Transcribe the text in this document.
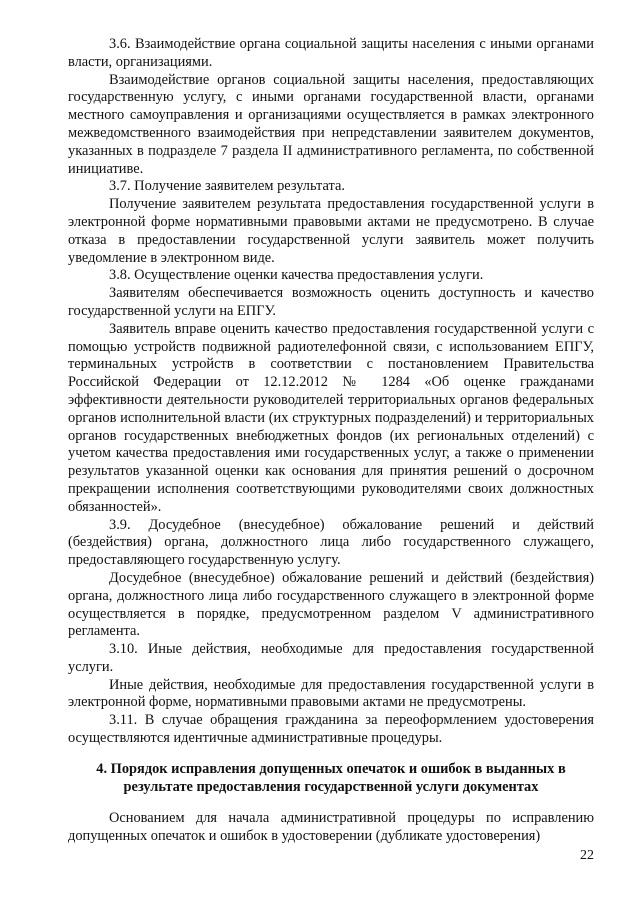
3.6. Взаимодействие органа социальной защиты населения с иными органами власти, организациями.

Взаимодействие органов социальной защиты населения, предоставляющих государственную услугу, с иными органами государственной власти, органами местного самоуправления и организациями осуществляется в рамках электронного межведомственного взаимодействия при непредставлении заявителем документов, указанных в подразделе 7 раздела II административного регламента, по собственной инициативе.

3.7. Получение заявителем результата.

Получение заявителем результата предоставления государственной услуги в электронной форме нормативными правовыми актами не предусмотрено. В случае отказа в предоставлении государственной услуги заявитель может получить уведомление в электронном виде.

3.8. Осуществление оценки качества предоставления услуги.

Заявителям обеспечивается возможность оценить доступность и качество государственной услуги на ЕПГУ.

Заявитель вправе оценить качество предоставления государственной услуги с помощью устройств подвижной радиотелефонной связи, с использованием ЕПГУ, терминальных устройств в соответствии с постановлением Правительства Российской Федерации от 12.12.2012 № 1284 «Об оценке гражданами эффективности деятельности руководителей территориальных органов федеральных органов исполнительной власти (их структурных подразделений) и территориальных органов государственных внебюджетных фондов (их региональных отделений) с учетом качества предоставления ими государственных услуг, а также о применении результатов указанной оценки как основания для принятия решений о досрочном прекращении исполнения соответствующими руководителями своих должностных обязанностей».

3.9. Досудебное (внесудебное) обжалование решений и действий (бездействия) органа, должностного лица либо государственного служащего, предоставляющего государственную услугу.

Досудебное (внесудебное) обжалование решений и действий (бездействия) органа, должностного лица либо государственного служащего в электронной форме осуществляется в порядке, предусмотренном разделом V административного регламента.

3.10. Иные действия, необходимые для предоставления государственной услуги.

Иные действия, необходимые для предоставления государственной услуги в электронной форме, нормативными правовыми актами не предусмотрены.

3.11. В случае обращения гражданина за переоформлением удостоверения осуществляются идентичные административные процедуры.

4. Порядок исправления допущенных опечаток и ошибок в выданных в
результате предоставления государственной услуги документах

Основанием для начала административной процедуры по исправлению допущенных опечаток и ошибок в удостоверении (дубликате удостоверения)

22
